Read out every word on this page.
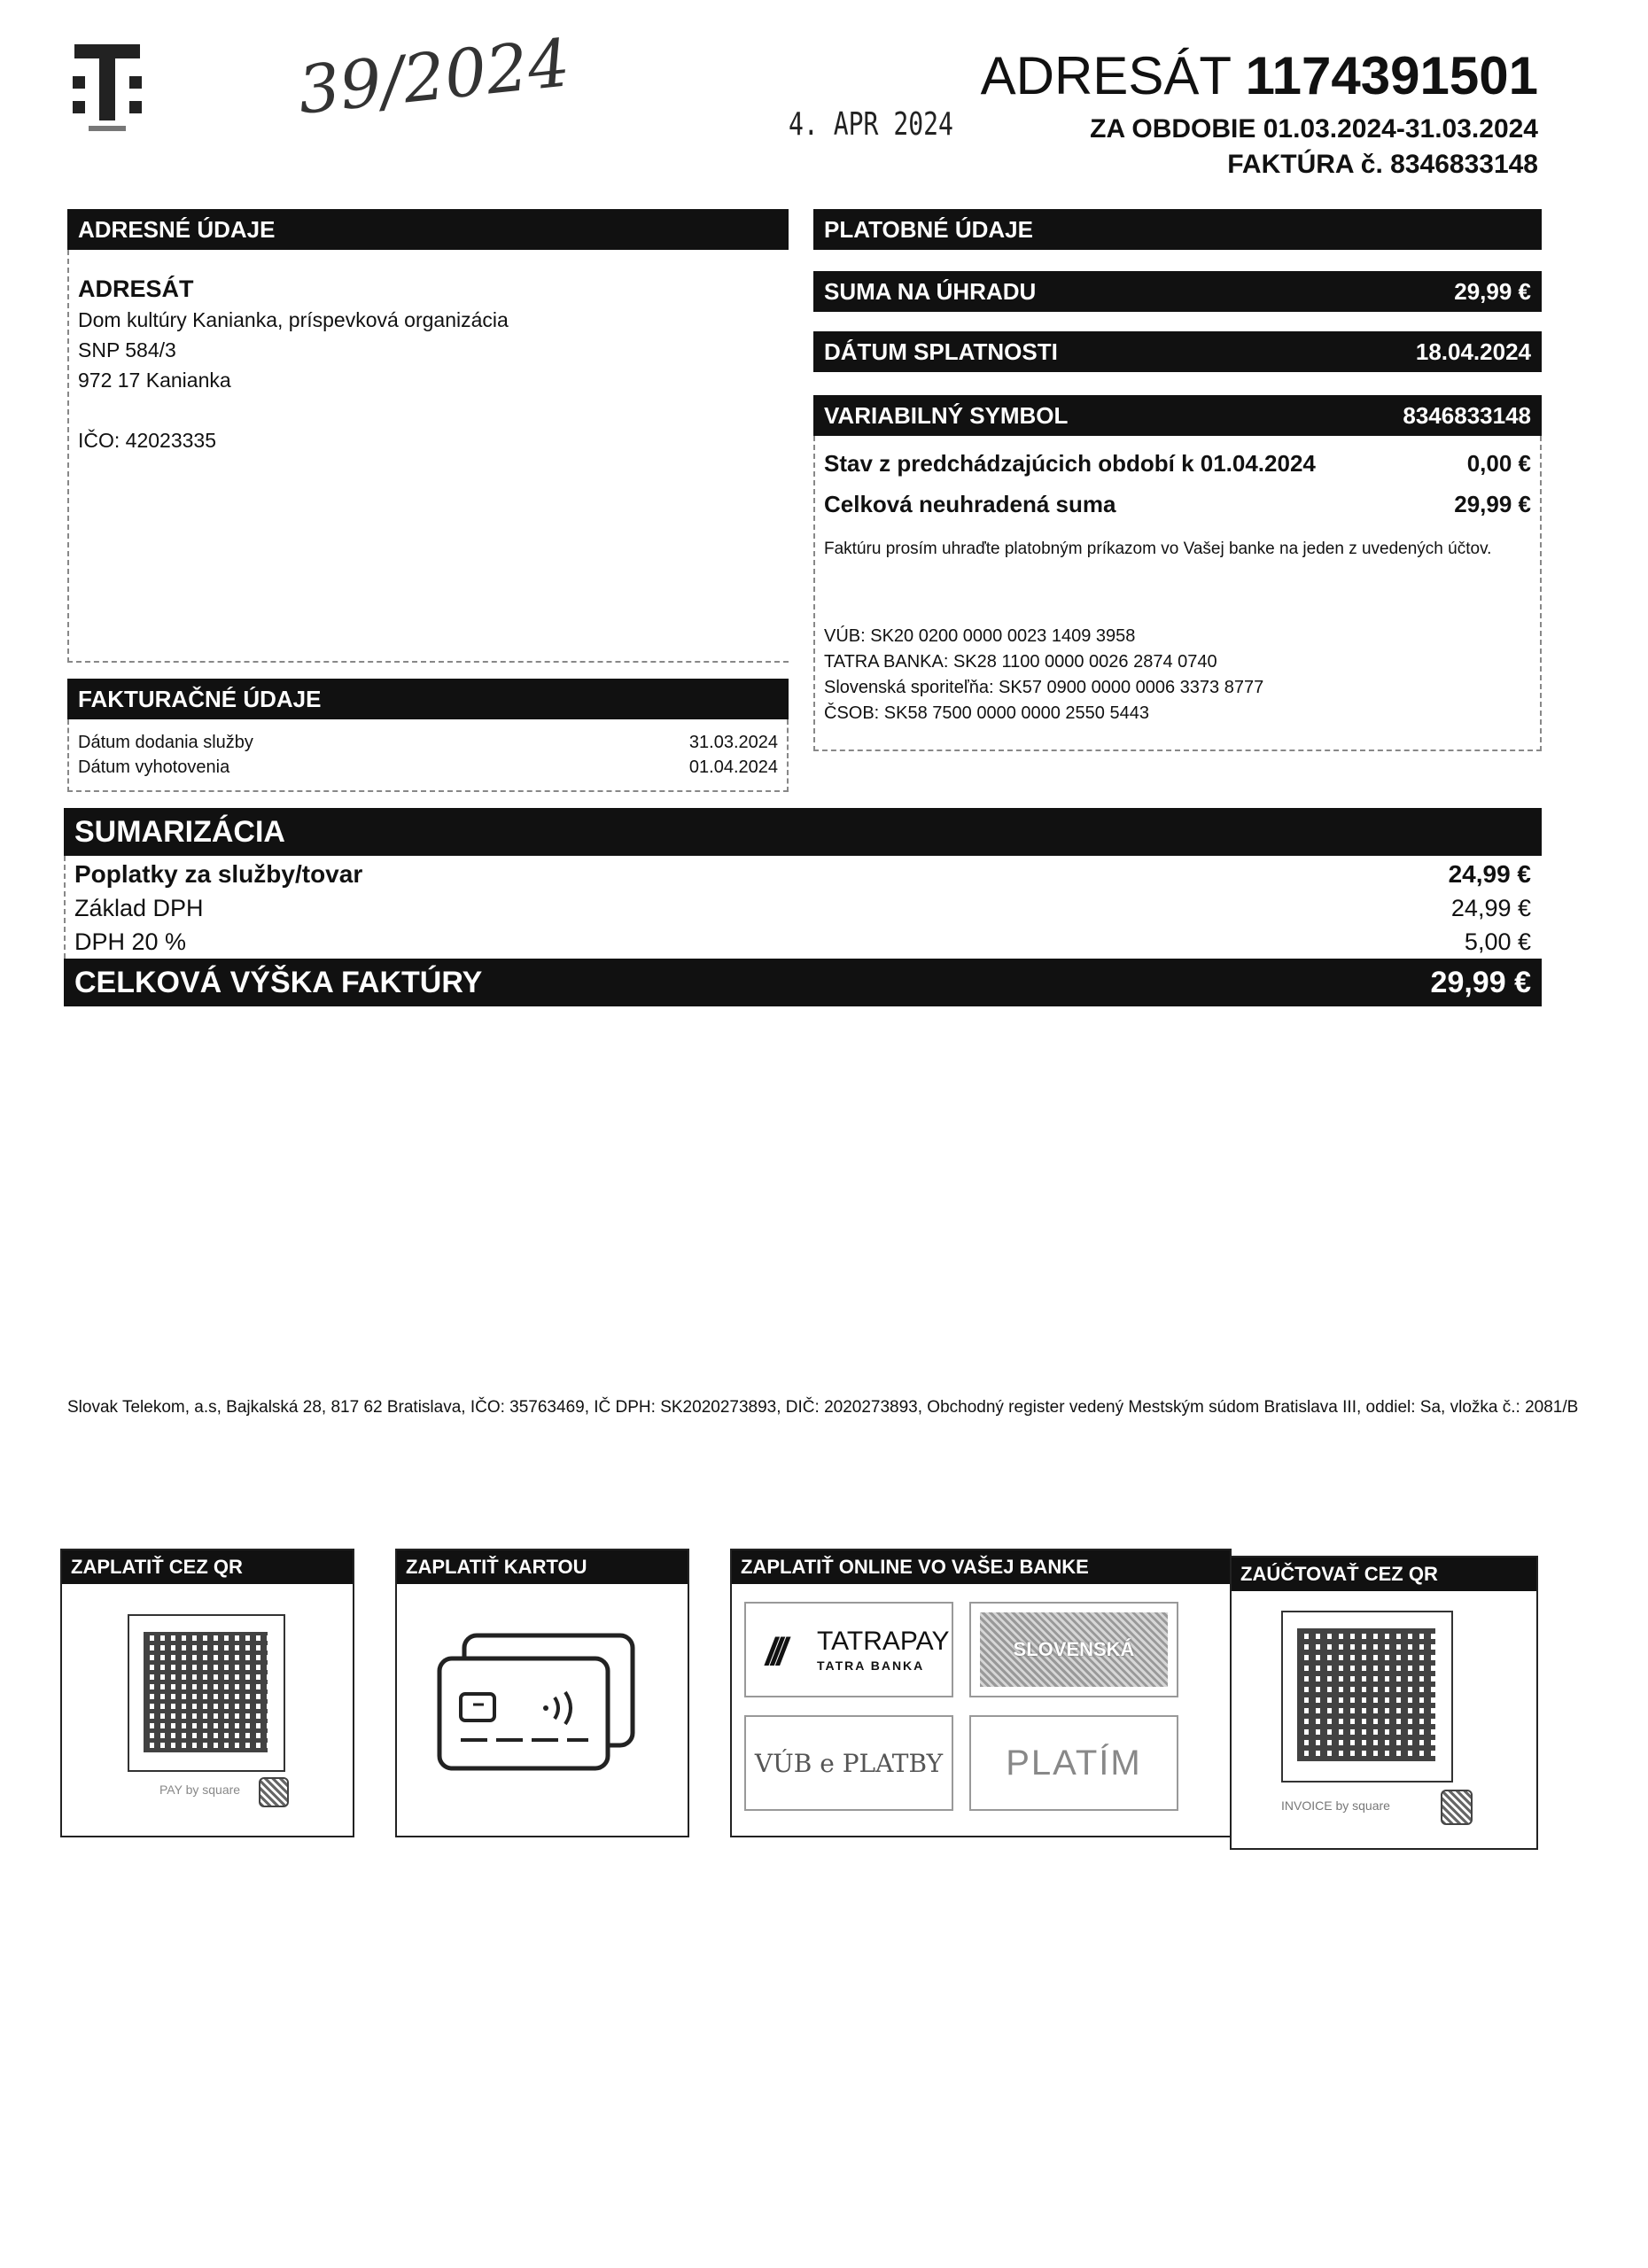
39/2024	4. APR 2024
ADRESÁT 1174391501
ZA OBDOBIE 01.03.2024-31.03.2024
FAKTÚRA č. 8346833148
ADRESNÉ ÚDAJE
ADRESÁT
Dom kultúry Kanianka, príspevková organizácia
SNP 584/3
972 17 Kanianka
IČO: 42023335
FAKTURAČNÉ ÚDAJE
Dátum dodania služby	31.03.2024
Dátum vyhotovenia	01.04.2024
PLATOBNÉ ÚDAJE
SUMA NA ÚHRADU	29,99 €
DÁTUM SPLATNOSTI	18.04.2024
VARIABILNÝ SYMBOL	8346833148
Stav z predchádzajúcich období k 01.04.2024	0,00 €
Celková neuhradená suma	29,99 €
Faktúru prosím uhraďte platobným príkazom vo Vašej banke na jeden z uvedených účtov.
VÚB: SK20 0200 0000 0023 1409 3958
TATRA BANKA: SK28 1100 0000 0026 2874 0740
Slovenská sporiteľňa: SK57 0900 0000 0006 3373 8777
ČSOB: SK58 7500 0000 0000 2550 5443
SUMARIZÁCIA
Poplatky za služby/tovar	24,99 €
Základ DPH	24,99 €
DPH 20 %	5,00 €
CELKOVÁ VÝŠKA FAKTÚRY	29,99 €
Slovak Telekom, a.s, Bajkalská 28, 817 62 Bratislava, IČO: 35763469, IČ DPH: SK2020273893, DIČ: 2020273893, Obchodný register vedený Mestským súdom Bratislava III, oddiel: Sa, vložka č.: 2081/B
ZAPLATIŤ CEZ QR
PAY by square
ZAPLATIŤ KARTOU	ZAPLATIŤ ONLINE VO VAŠEJ BANKE
/// TATRAPAY
TATRA BANKA
SLOVENSKÁ
VÚB e PLATBY PLATÍM
ZAÚČTOVAŤ CEZ QR
INVOICE by square
